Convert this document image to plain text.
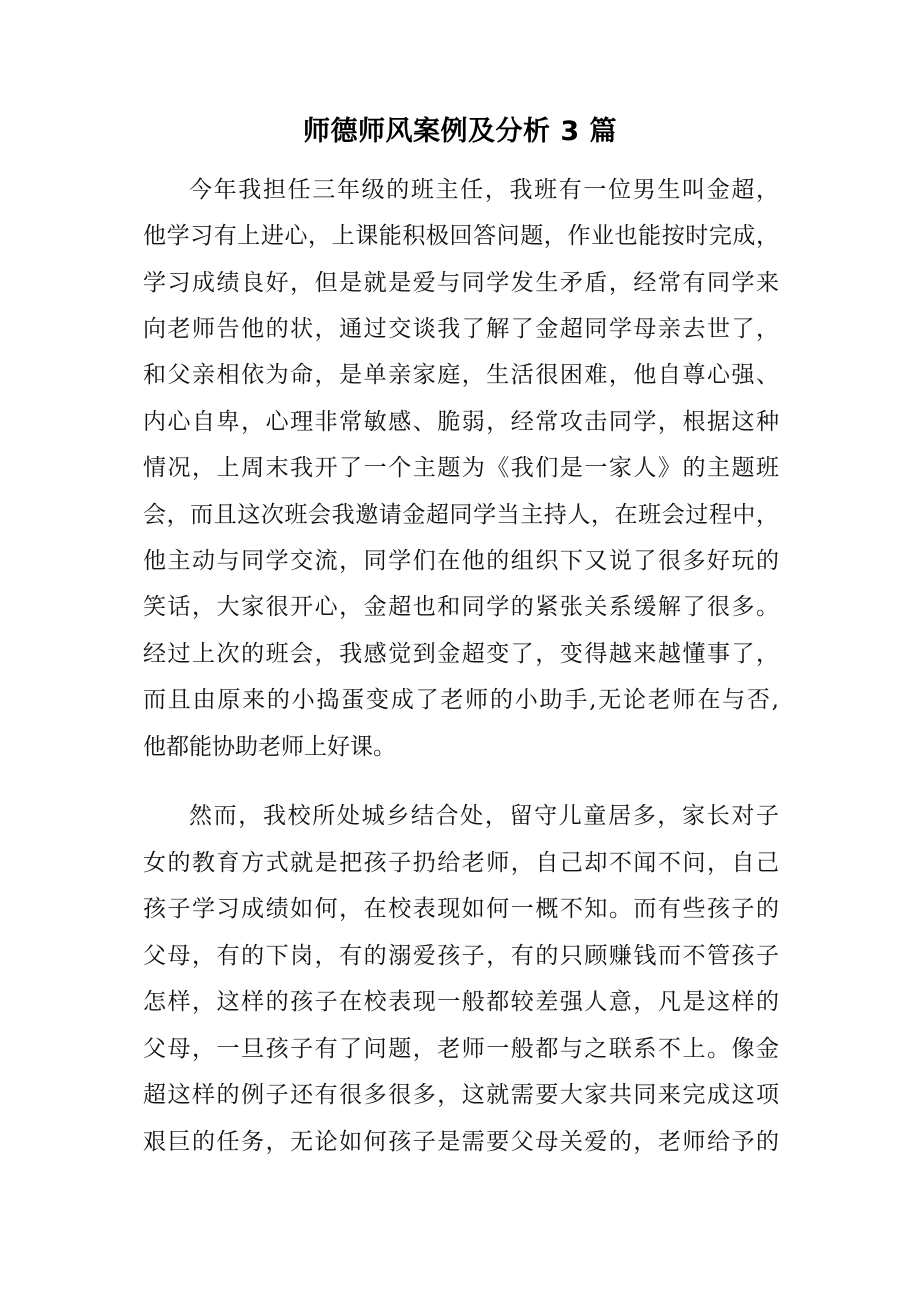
师德师风案例及分析 3 篇
今年我担任三年级的班主任，我班有一位男生叫金超，
他学习有上进心，上课能积极回答问题，作业也能按时完成，
学习成绩良好，但是就是爱与同学发生矛盾，经常有同学来
向老师告他的状，通过交谈我了解了金超同学母亲去世了，
和父亲相依为命，是单亲家庭，生活很困难，他自尊心强、
内心自卑，心理非常敏感、脆弱，经常攻击同学，根据这种
情况，上周末我开了一个主题为《我们是一家人》的主题班
会，而且这次班会我邀请金超同学当主持人，在班会过程中，
他主动与同学交流，同学们在他的组织下又说了很多好玩的
笑话，大家很开心，金超也和同学的紧张关系缓解了很多。
经过上次的班会，我感觉到金超变了，变得越来越懂事了，
而且由原来的小捣蛋变成了老师的小助手,无论老师在与否,
他都能协助老师上好课。
然而，我校所处城乡结合处，留守儿童居多，家长对子
女的教育方式就是把孩子扔给老师，自己却不闻不问，自己
孩子学习成绩如何，在校表现如何一概不知。而有些孩子的
父母，有的下岗，有的溺爱孩子，有的只顾赚钱而不管孩子
怎样，这样的孩子在校表现一般都较差强人意，凡是这样的
父母，一旦孩子有了问题，老师一般都与之联系不上。像金
超这样的例子还有很多很多，这就需要大家共同来完成这项
艰巨的任务，无论如何孩子是需要父母关爱的，老师给予的
